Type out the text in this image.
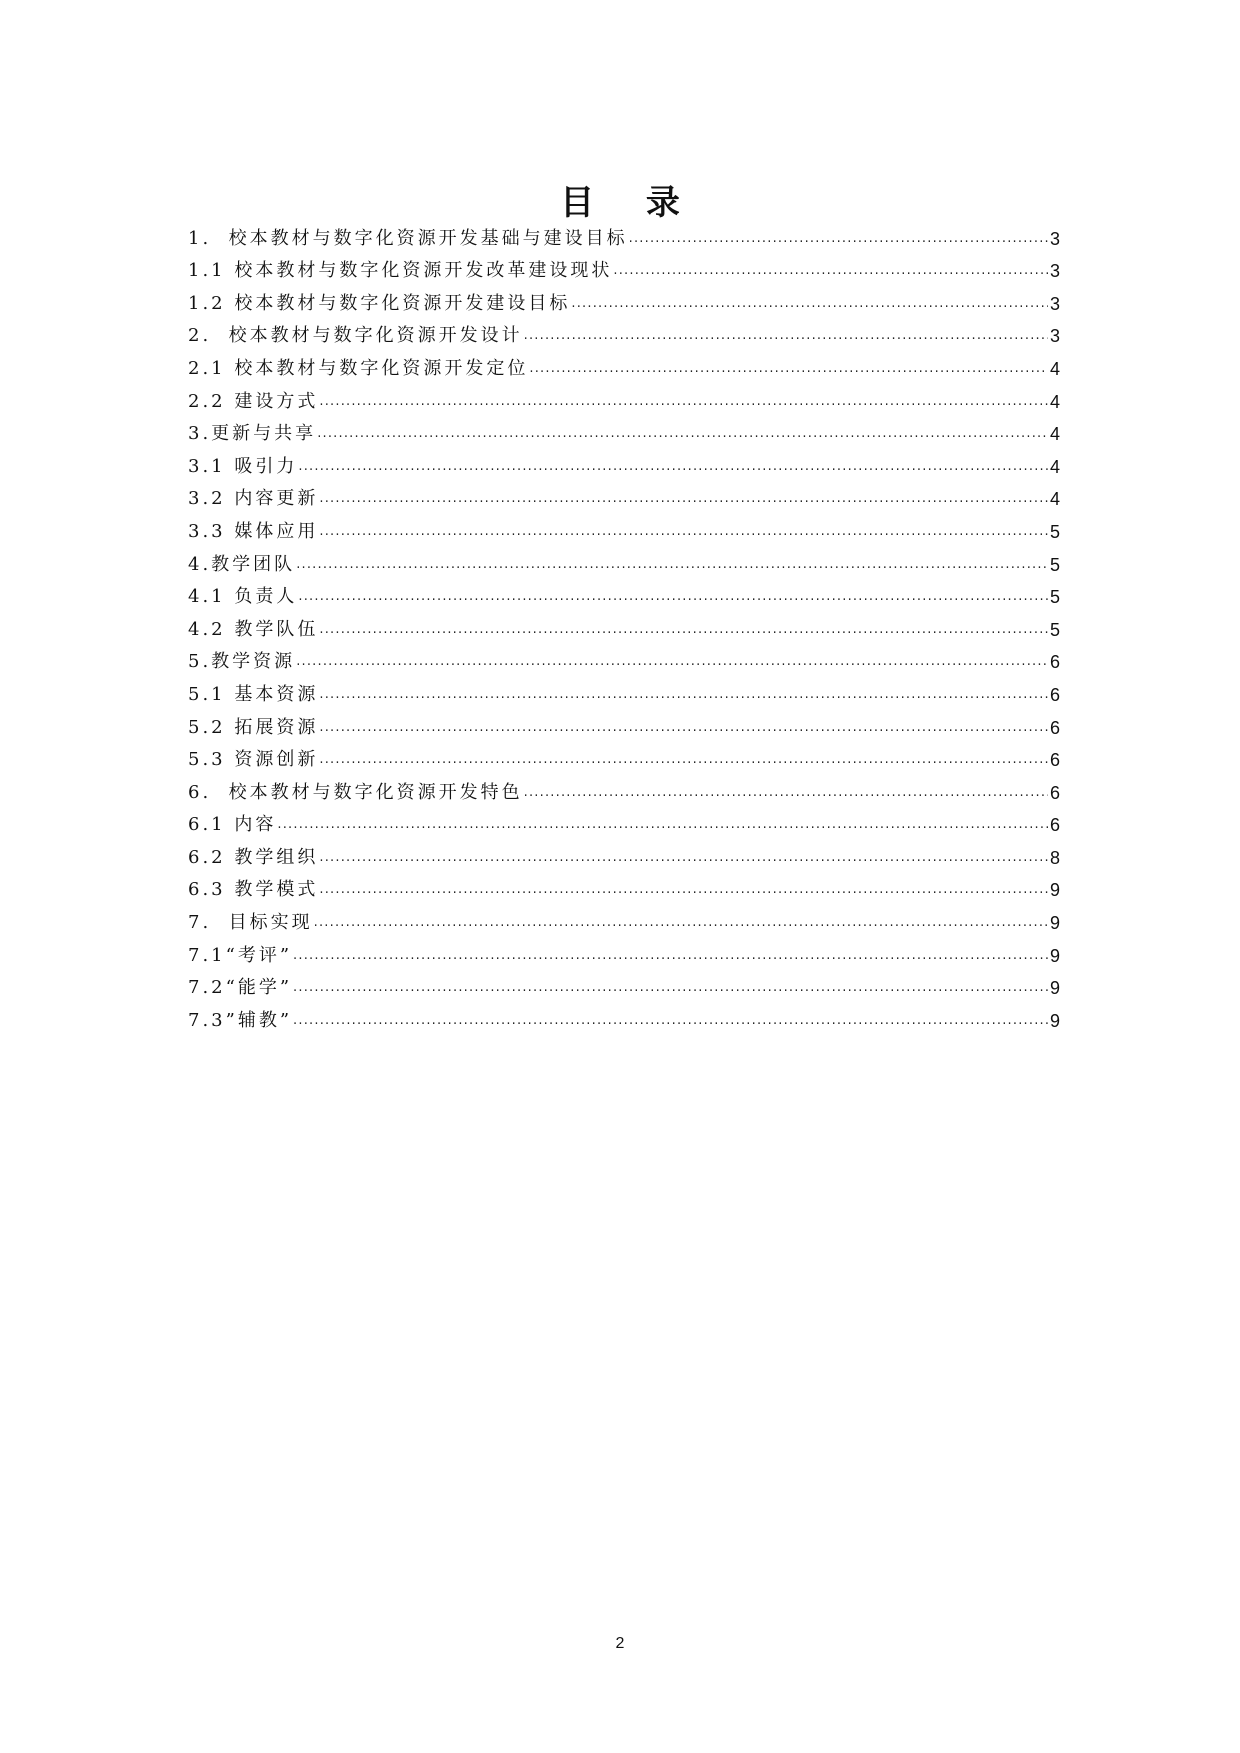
目 录
1.  校本教材与数字化资源开发基础与建设目标 .....	3
1.1 校本教材与数字化资源开发改革建设现状 .....	3
1.2 校本教材与数字化资源开发建设目标 .....	3
2.  校本教材与数字化资源开发设计 .....	3
2.1 校本教材与数字化资源开发定位 .....	4
2.2 建设方式 .....	4
3.更新与共享 .....	4
3.1 吸引力 .....	4
3.2 内容更新 .....	4
3.3 媒体应用 .....	5
4.教学团队 .....	5
4.1 负责人 .....	5
4.2 教学队伍 .....	5
5.教学资源 .....	6
5.1 基本资源 .....	6
5.2 拓展资源 .....	6
5.3 资源创新 .....	6
6.  校本教材与数字化资源开发特色 .....	6
6.1 内容 .....	6
6.2 教学组织 .....	8
6.3 教学模式 .....	9
7.  目标实现 .....	9
7.1“考评” .....	9
7.2“能学” .....	9
7.3”辅教” .....	9
2
